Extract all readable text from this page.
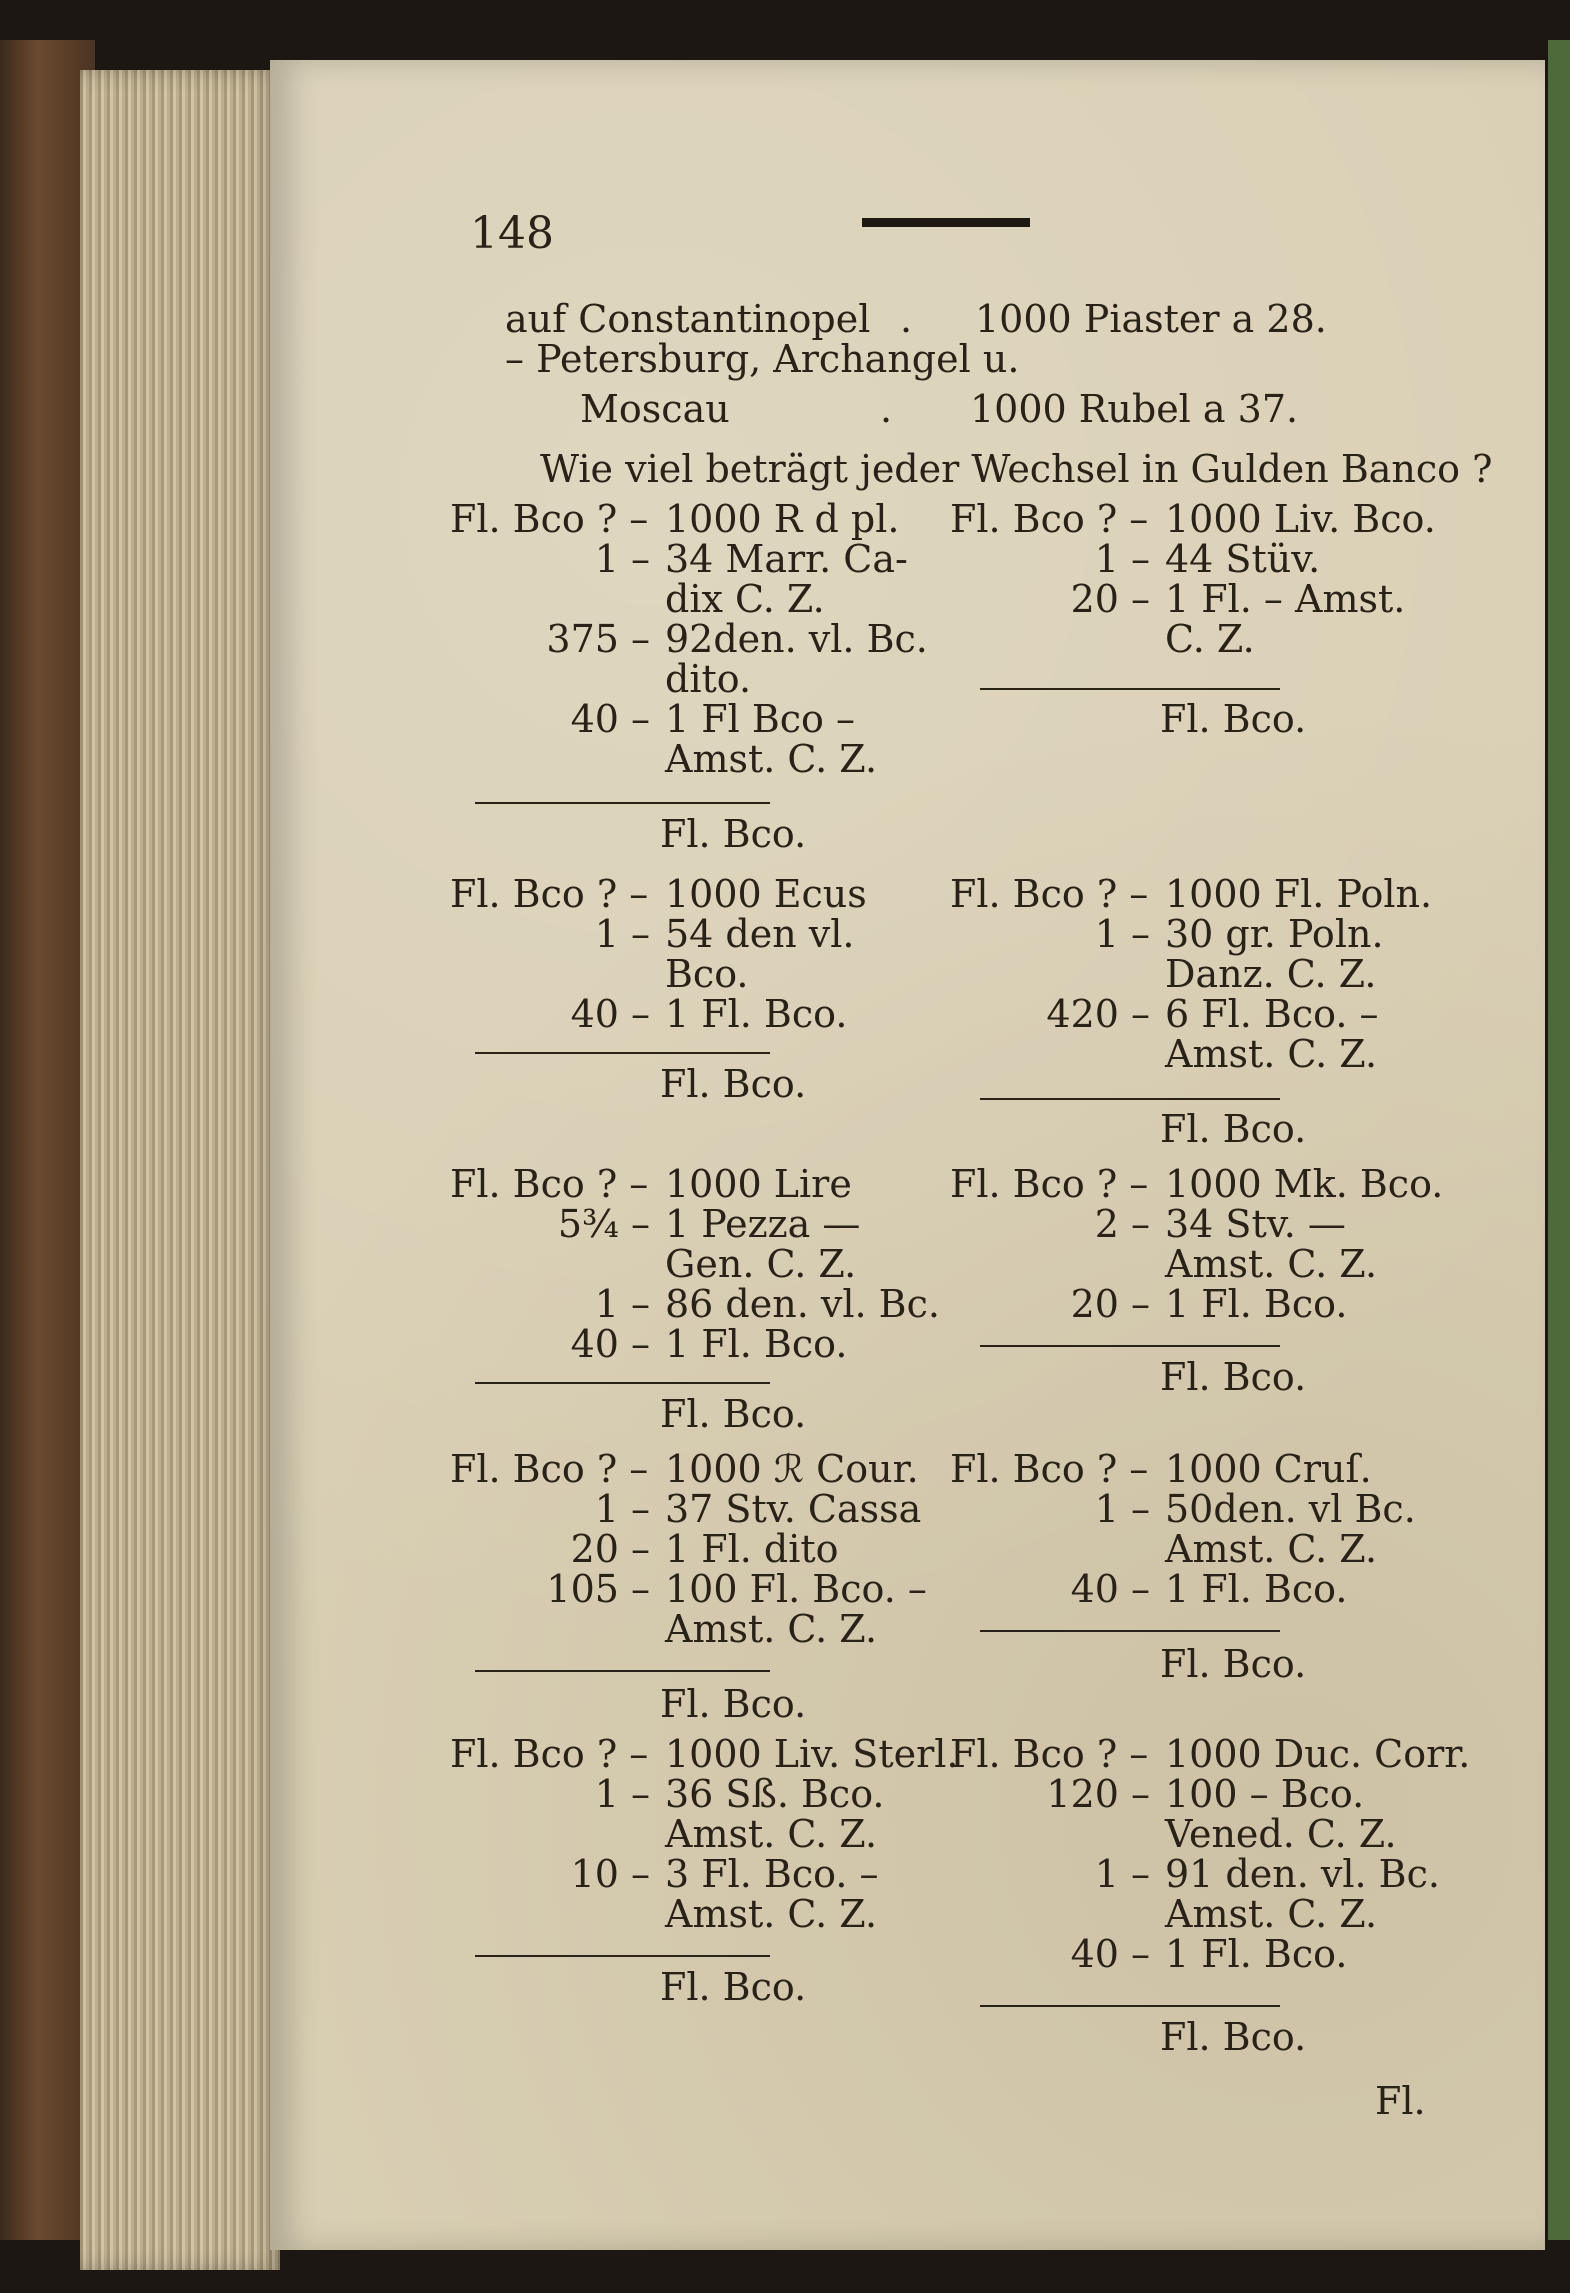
148
auf Constantinopel . 1000 Piaster a 28.
– Petersburg, Archangel u.
Moscau	. 1000 Rubel a 37.
Wie viel beträgt jeder Wechsel in Gulden Banco ?
Fl. Bco ? – 1000 R d pl.
1 – 34 Marr. Ca-
dix C. Z.
375 – 92den. vl. Bc.
dito.
40 – 1 Fl Bco –
Amst. C. Z.
Fl. Bco.
Fl. Bco ? – 1000 Liv. Bco.
1 – 44 Stüv.
20 – 1 Fl. – Amst.
C. Z.
Fl. Bco.
Fl. Bco ? – 1000 Ecus
1 – 54 den vl.
Bco.
40 – 1 Fl. Bco.
Fl. Bco.
Fl. Bco ? – 1000 Fl. Poln.
1 – 30 gr. Poln.
Danz. C. Z.
420 – 6 Fl. Bco. –
Amst. C. Z.
Fl. Bco.
Fl. Bco ? – 1000 Lire
5¾ – 1 Pezza —
Gen. C. Z.
1 – 86 den. vl. Bc.
40 – 1 Fl. Bco.
Fl. Bco.
Fl. Bco ? – 1000 Mk. Bco.
2 – 34 Stv. —
Amst. C. Z.
20 – 1 Fl. Bco.
Fl. Bco.
Fl. Bco ? – 1000 ℛ Cour.
1 – 37 Stv. Cassa
20 – 1 Fl. dito
105 – 100 Fl. Bco. –
Amst. C. Z.
Fl. Bco.
Fl. Bco ? – 1000 Cruſ.
1 – 50den. vl Bc.
Amst. C. Z.
40 – 1 Fl. Bco.
Fl. Bco.
Fl. Bco ? – 1000 Liv. Sterl.
1 – 36 Sß. Bco.
Amst. C. Z.
10 – 3 Fl. Bco. –
Amst. C. Z.
Fl. Bco.
Fl. Bco ? – 1000 Duc. Corr.
120 – 100 – Bco.
Vened. C. Z.
1 – 91 den. vl. Bc.
Amst. C. Z.
40 – 1 Fl. Bco.
Fl. Bco.
Fl.
